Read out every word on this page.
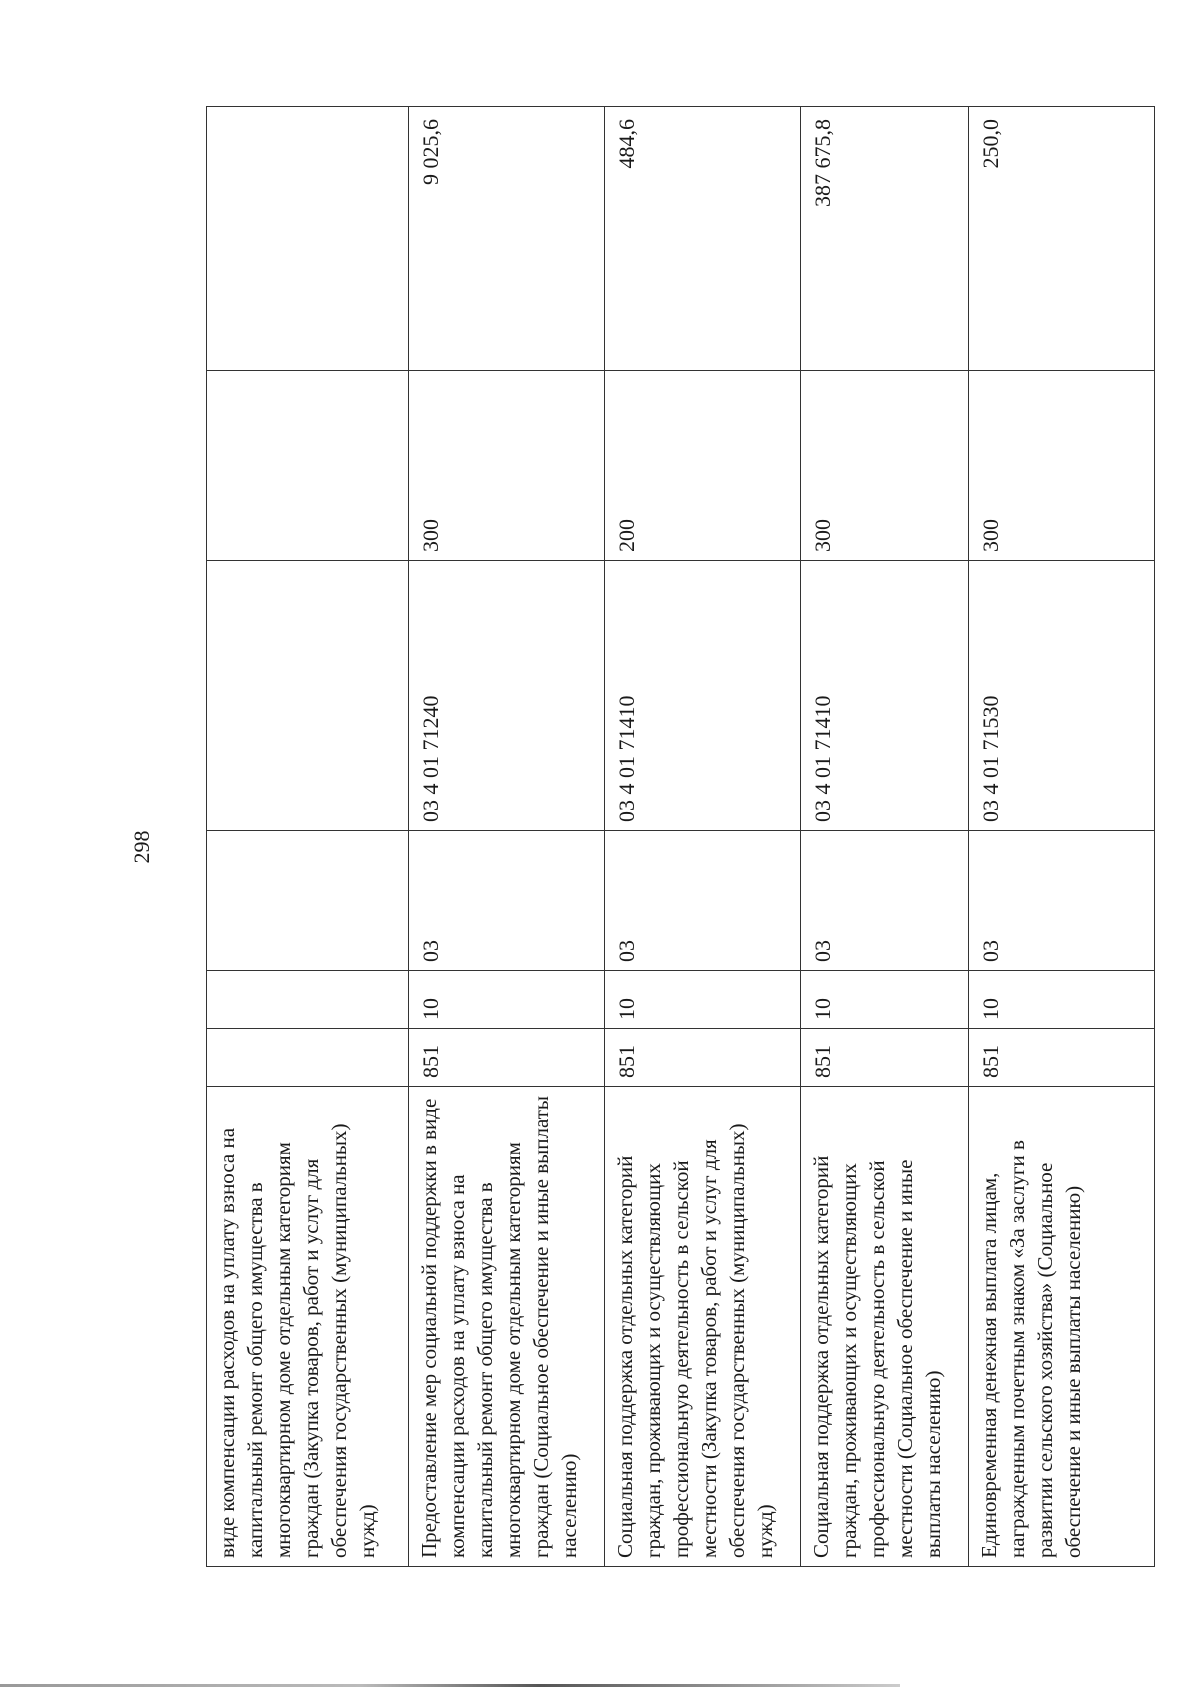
298
виде компенсации расходов на уплату взноса на капитальный ремонт общего имущества в многоквартирном доме отдельным категориям граждан (Закупка товаров, работ и услуг для обеспечения государственных (муниципальных) нужд)						
Предоставление мер социальной поддержки в виде компенсации расходов на уплату взноса на капитальный ремонт общего имущества в многоквартирном доме отдельным категориям граждан (Социальное обеспечение и иные выплаты населению)	851	10	03	03 4 01 71240	300	9 025,6
Социальная поддержка отдельных категорий граждан, проживающих и осуществляющих профессиональную деятельность в сельской местности (Закупка товаров, работ и услуг для обеспечения государственных (муниципальных) нужд)	851	10	03	03 4 01 71410	200	484,6
Социальная поддержка отдельных категорий граждан, проживающих и осуществляющих профессиональную деятельность в сельской местности (Социальное обеспечение и иные выплаты населению)	851	10	03	03 4 01 71410	300	387 675,8
Единовременная денежная выплата лицам, награжденным почетным знаком «За заслуги в развитии сельского хозяйства» (Социальное обеспечение и иные выплаты населению)	851	10	03	03 4 01 71530	300	250,0
